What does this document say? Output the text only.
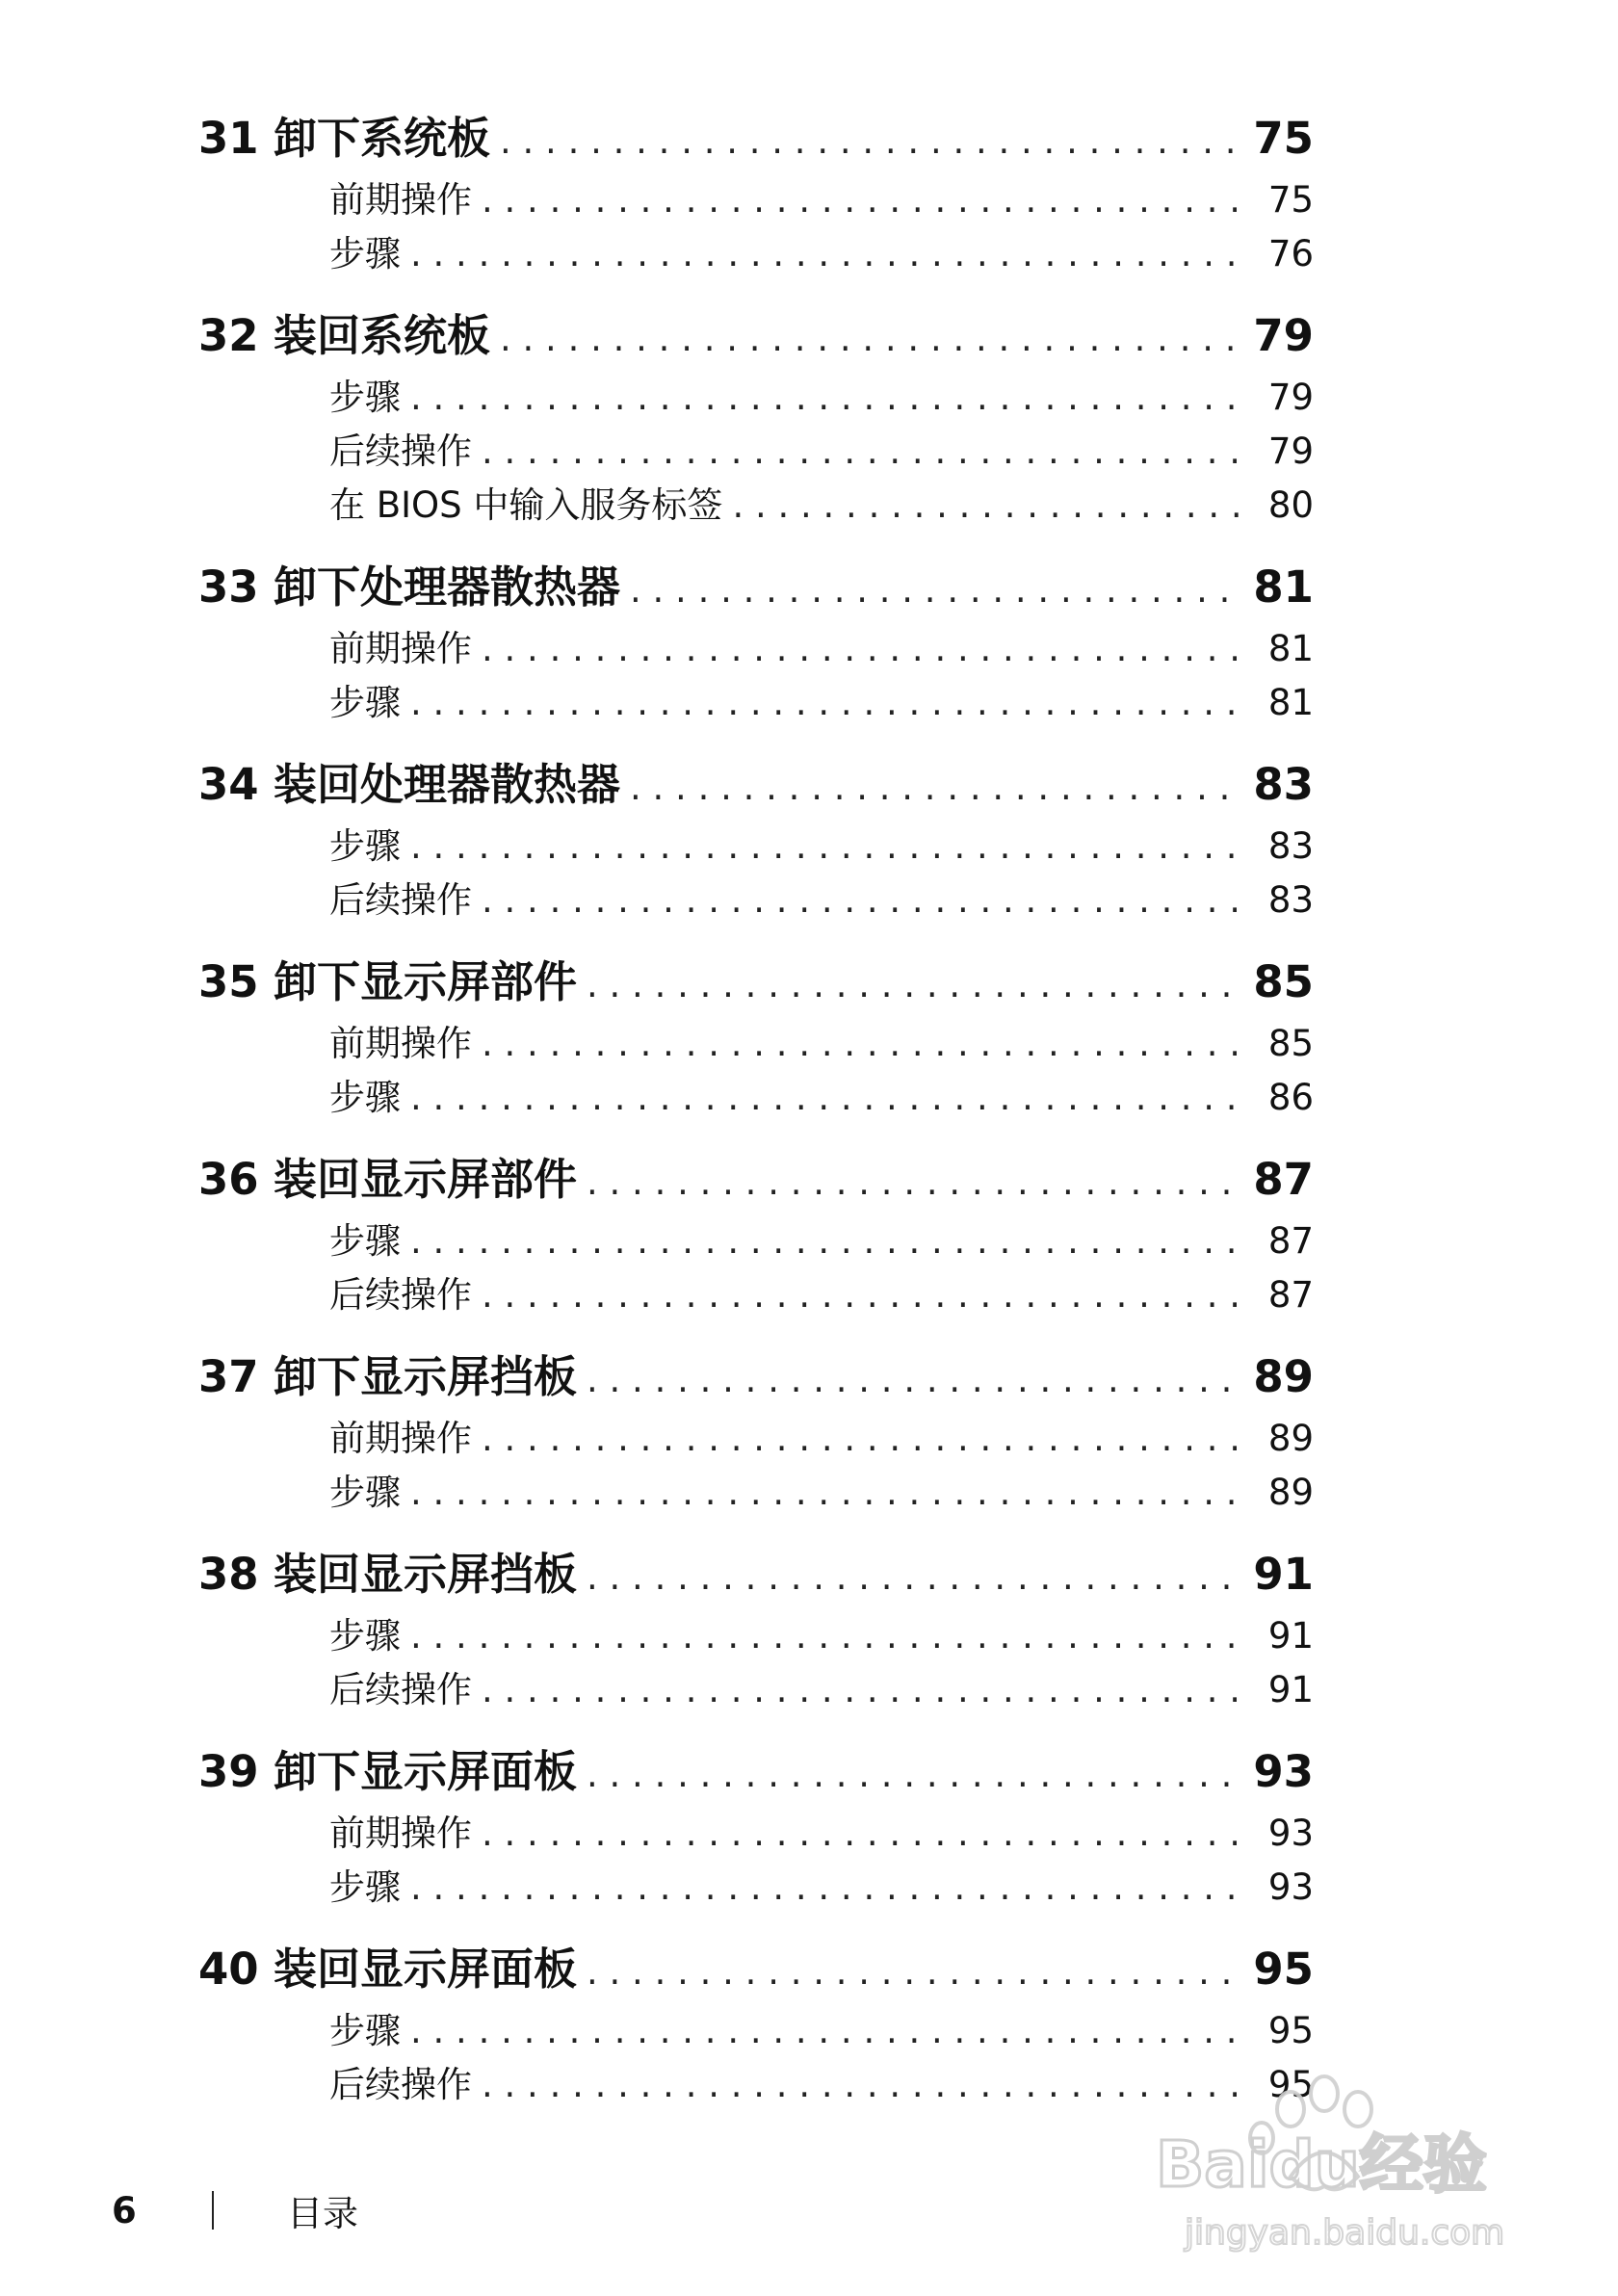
31 卸下系统板 . . .	75
前期操作 . . .	75
步骤 . . .	76
32 装回系统板 . . .	79
步骤 . . .	79
后续操作 . . .	79
在 BIOS 中输入服务标签 . . .	80
33 卸下处理器散热器 . . .	81
前期操作 . . .	81
步骤 . . .	81
34 装回处理器散热器 . . .	83
步骤 . . .	83
后续操作 . . .	83
35 卸下显示屏部件 . . .	85
前期操作 . . .	85
步骤 . . .	86
36 装回显示屏部件 . . .	87
步骤 . . .	87
后续操作 . . .	87
37 卸下显示屏挡板 . . .	89
前期操作 . . .	89
步骤 . . .	89
38 装回显示屏挡板 . . .	91
步骤 . . .	91
后续操作 . . .	91
39 卸下显示屏面板 . . .	93
前期操作 . . .	93
步骤 . . .	93
40 装回显示屏面板 . . .	95
步骤 . . .	95
后续操作 . . .	95
6	目录
Baidu经验
jingyan.baidu.com
